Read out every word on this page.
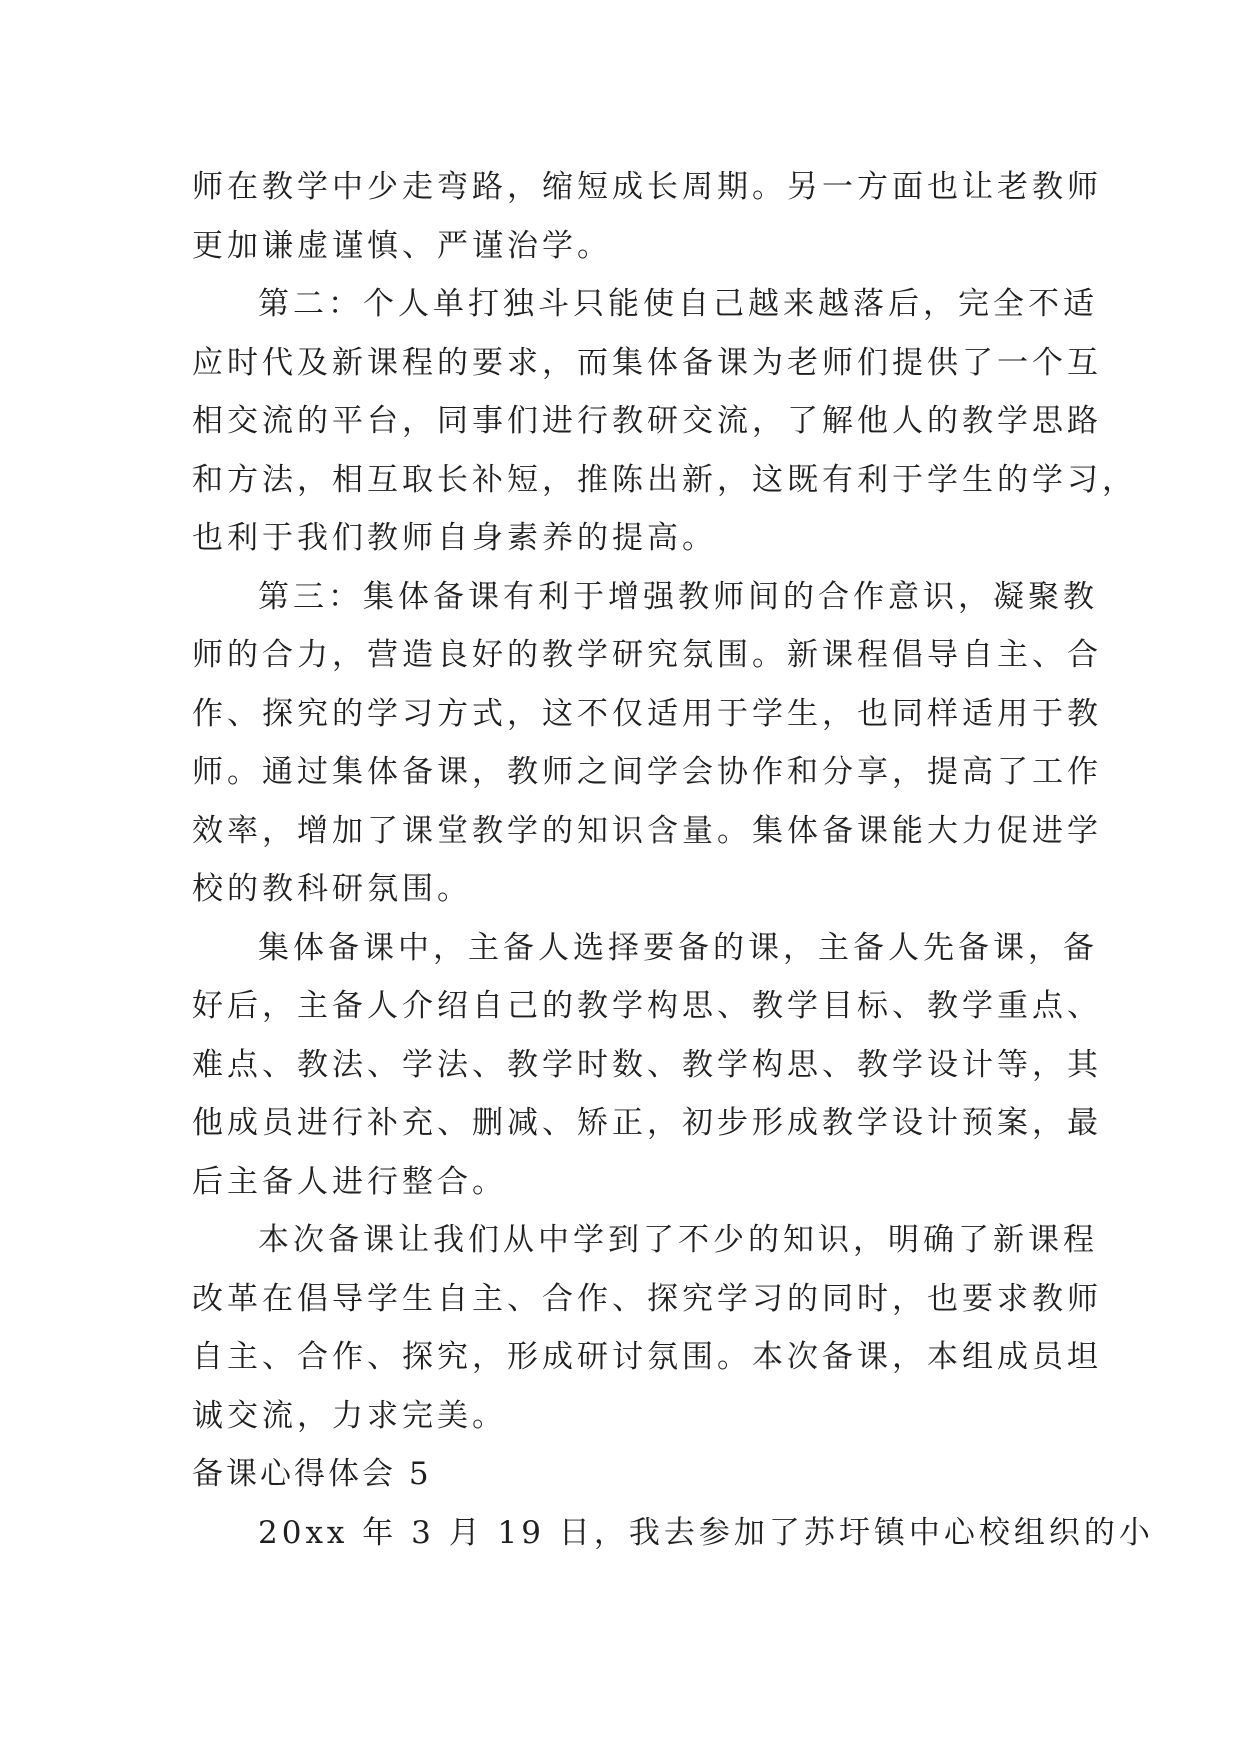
师在教学中少走弯路，缩短成长周期。另一方面也让老教师
更加谦虚谨慎、严谨治学。
第二：个人单打独斗只能使自己越来越落后，完全不适
应时代及新课程的要求，而集体备课为老师们提供了一个互
相交流的平台，同事们进行教研交流，了解他人的教学思路
和方法，相互取长补短，推陈出新，这既有利于学生的学习，
也利于我们教师自身素养的提高。
第三：集体备课有利于增强教师间的合作意识，凝聚教
师的合力，营造良好的教学研究氛围。新课程倡导自主、合
作、探究的学习方式，这不仅适用于学生，也同样适用于教
师。通过集体备课，教师之间学会协作和分享，提高了工作
效率，增加了课堂教学的知识含量。集体备课能大力促进学
校的教科研氛围。
集体备课中，主备人选择要备的课，主备人先备课，备
好后，主备人介绍自己的教学构思、教学目标、教学重点、
难点、教法、学法、教学时数、教学构思、教学设计等，其
他成员进行补充、删减、矫正，初步形成教学设计预案，最
后主备人进行整合。
本次备课让我们从中学到了不少的知识，明确了新课程
改革在倡导学生自主、合作、探究学习的同时，也要求教师
自主、合作、探究，形成研讨氛围。本次备课，本组成员坦
诚交流，力求完美。
备课心得体会 5
20xx 年 3 月 19 日，我去参加了苏圩镇中心校组织的小
